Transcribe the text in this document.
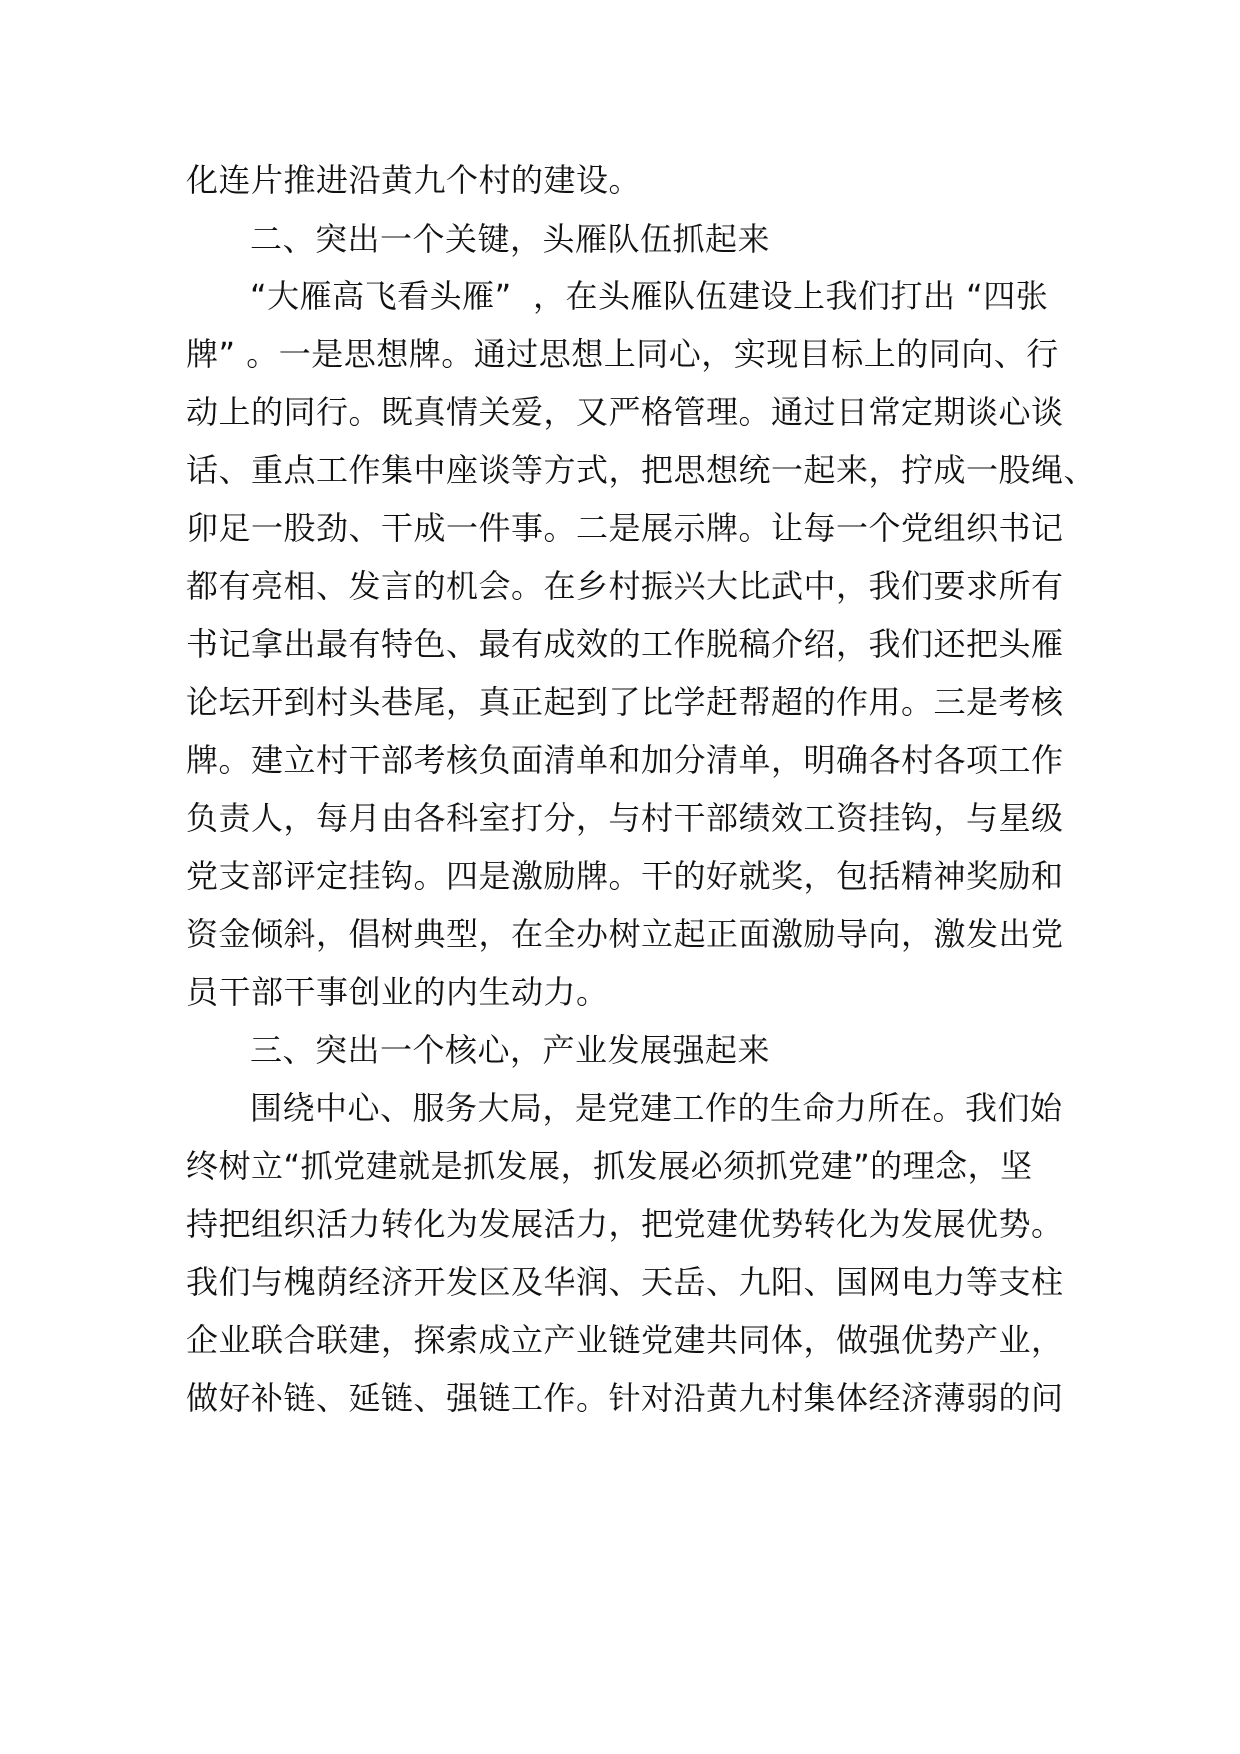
化连片推进沿黄九个村的建设。
二、突出一个关键，头雁队伍抓起来
“大雁高飞看头雁”  ，在头雁队伍建设上我们打出 “四张
牌” 。一是思想牌。通过思想上同心，实现目标上的同向、行
动上的同行。既真情关爱，又严格管理。通过日常定期谈心谈
话、重点工作集中座谈等方式，把思想统一起来，拧成一股绳、
卯足一股劲、干成一件事。二是展示牌。让每一个党组织书记
都有亮相、发言的机会。在乡村振兴大比武中，我们要求所有
书记拿出最有特色、最有成效的工作脱稿介绍，我们还把头雁
论坛开到村头巷尾，真正起到了比学赶帮超的作用。三是考核
牌。建立村干部考核负面清单和加分清单，明确各村各项工作
负责人，每月由各科室打分，与村干部绩效工资挂钩，与星级
党支部评定挂钩。四是激励牌。干的好就奖，包括精神奖励和
资金倾斜，倡树典型，在全办树立起正面激励导向，激发出党
员干部干事创业的内生动力。
三、突出一个核心，产业发展强起来
围绕中心、服务大局，是党建工作的生命力所在。我们始
终树立“抓党建就是抓发展，抓发展必须抓党建”的理念，坚
持把组织活力转化为发展活力，把党建优势转化为发展优势。
我们与槐荫经济开发区及华润、天岳、九阳、国网电力等支柱
企业联合联建，探索成立产业链党建共同体，做强优势产业，
做好补链、延链、强链工作。针对沿黄九村集体经济薄弱的问
